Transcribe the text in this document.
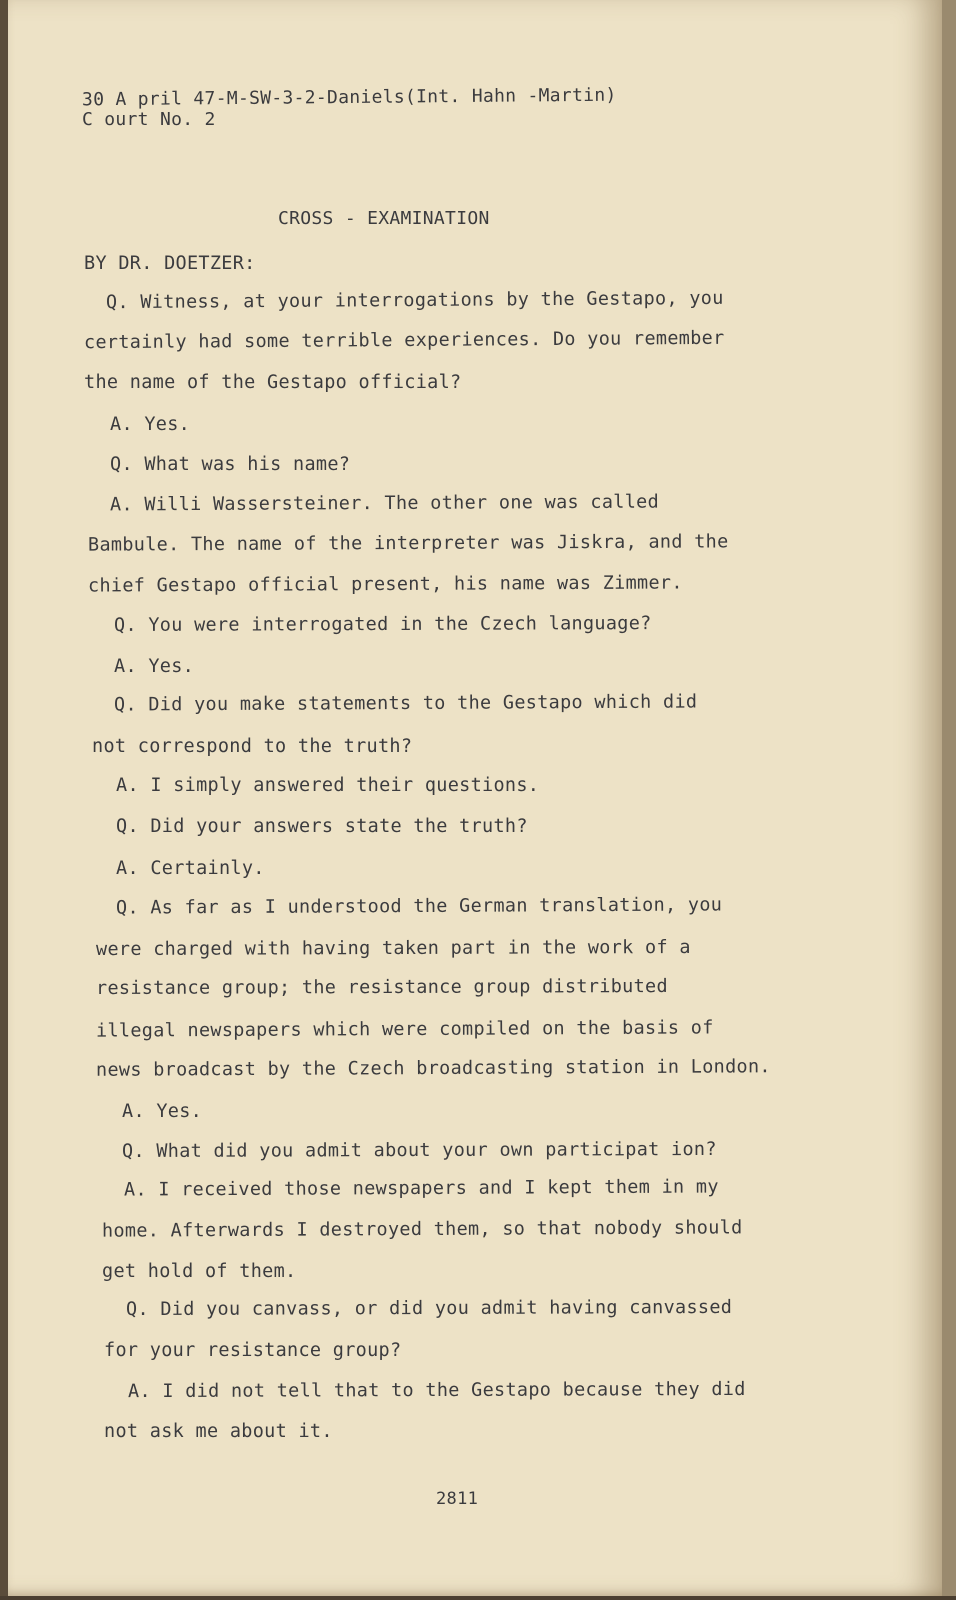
30 A pril 47-M-SW-3-2-Daniels(Int. Hahn -Martin)

C ourt No. 2

CROSS - EXAMINATION

BY DR. DOETZER:

Q. Witness, at your interrogations by the Gestapo, you

certainly had some terrible experiences. Do you remember

the name of the Gestapo official?

A. Yes.

Q. What was his name?

A. Willi Wassersteiner. The other one was called

Bambule. The name of the interpreter was Jiskra, and the

chief Gestapo official present, his name was Zimmer.

Q. You were interrogated in the Czech language?

A. Yes.

Q. Did you make statements to the Gestapo which did

not correspond to the truth?

A. I simply answered their questions.

Q. Did your answers state the truth?

A. Certainly.

Q. As far as I understood the German translation, you

were charged with having taken part in the work of a

resistance group; the resistance group distributed

illegal newspapers which were compiled on the basis of

news broadcast by the Czech broadcasting station in London.

A. Yes.

Q. What did you admit about your own participat ion?

A. I received those newspapers and I kept them in my

home. Afterwards I destroyed them, so that nobody should

get hold of them.

Q. Did you canvass, or did you admit having canvassed

for your resistance group?

A. I did not tell that to the Gestapo because they did

not ask me about it.

2811
